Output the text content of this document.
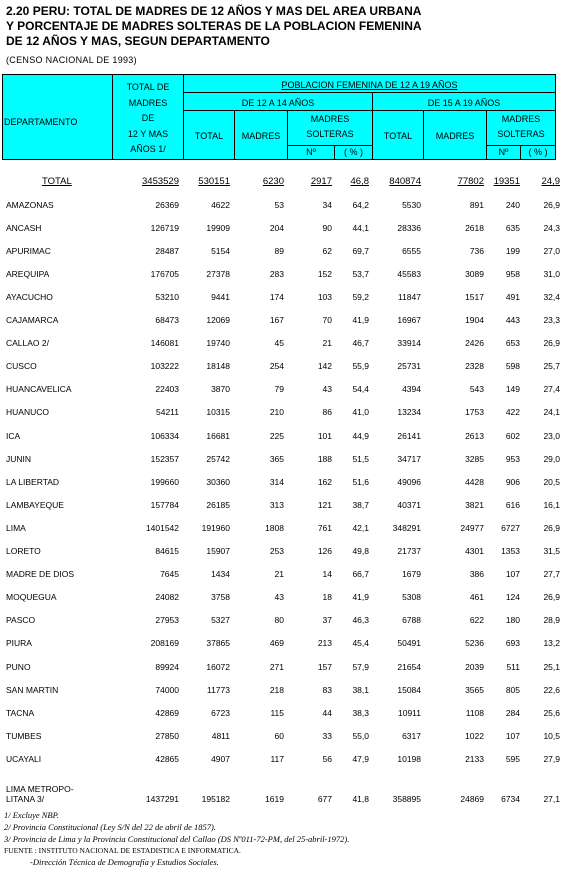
2.20 PERU: TOTAL DE MADRES DE 12 AÑOS Y MAS DEL AREA URBANA
Y PORCENTAJE DE MADRES SOLTERAS DE LA POBLACION FEMENINA
DE 12 AÑOS Y MAS, SEGUN DEPARTAMENTO
(CENSO NACIONAL DE 1993)
DEPARTAMENTO
TOTAL DE
MADRES
DE
12 Y MAS
AÑOS 1/
POBLACION FEMENINA DE 12 A 19 AÑOS
DE 12 A 14 AÑOS	DE 15 A 19 AÑOS
TOTAL	MADRES
MADRES
SOLTERAS
Nº	( % )
TOTAL	MADRES
MADRES
SOLTERAS
Nº	( % )
TOTAL	3453529	530151	6230	2917	46,8	840874	77802	19351	24,9
AMAZONAS	26369	4622	53	34	64,2	5530	891	240	26,9
ANCASH	126719	19909	204	90	44,1	28336	2618	635	24,3
APURIMAC	28487	5154	89	62	69,7	6555	736	199	27,0
AREQUIPA	176705	27378	283	152	53,7	45583	3089	958	31,0
AYACUCHO	53210	9441	174	103	59,2	11847	1517	491	32,4
CAJAMARCA	68473	12069	167	70	41,9	16967	1904	443	23,3
CALLAO 2/	146081	19740	45	21	46,7	33914	2426	653	26,9
CUSCO	103222	18148	254	142	55,9	25731	2328	598	25,7
HUANCAVELICA	22403	3870	79	43	54,4	4394	543	149	27,4
HUANUCO	54211	10315	210	86	41,0	13234	1753	422	24,1
ICA	106334	16681	225	101	44,9	26141	2613	602	23,0
JUNIN	152357	25742	365	188	51,5	34717	3285	953	29,0
LA LIBERTAD	199660	30360	314	162	51,6	49096	4428	906	20,5
LAMBAYEQUE	157784	26185	313	121	38,7	40371	3821	616	16,1
LIMA	1401542	191960	1808	761	42,1	348291	24977	6727	26,9
LORETO	84615	15907	253	126	49,8	21737	4301	1353	31,5
MADRE DE DIOS	7645	1434	21	14	66,7	1679	386	107	27,7
MOQUEGUA	24082	3758	43	18	41,9	5308	461	124	26,9
PASCO	27953	5327	80	37	46,3	6788	622	180	28,9
PIURA	208169	37865	469	213	45,4	50491	5236	693	13,2
PUNO	89924	16072	271	157	57,9	21654	2039	511	25,1
SAN MARTIN	74000	11773	218	83	38,1	15084	3565	805	22,6
TACNA	42869	6723	115	44	38,3	10911	1108	284	25,6
TUMBES	27850	4811	60	33	55,0	6317	1022	107	10,5
UCAYALI	42865	4907	117	56	47,9	10198	2133	595	27,9

LIMA METROPO-
LITANA 3/	1437291	195182	1619	677	41,8	358895	24869	6734	27,1
1/ Excluye NBP.
2/ Provincia Constitucional (Ley S/N del 22 de abril de 1857).
3/ Provincia de Lima y la Provincia Constitucional del Callao (DS Nº011-72-PM, del 25-abril-1972).
FUENTE : INSTITUTO NACIONAL DE ESTADISTICA E INFORMATICA.
-Dirección Técnica de Demografía y Estudios Sociales.
